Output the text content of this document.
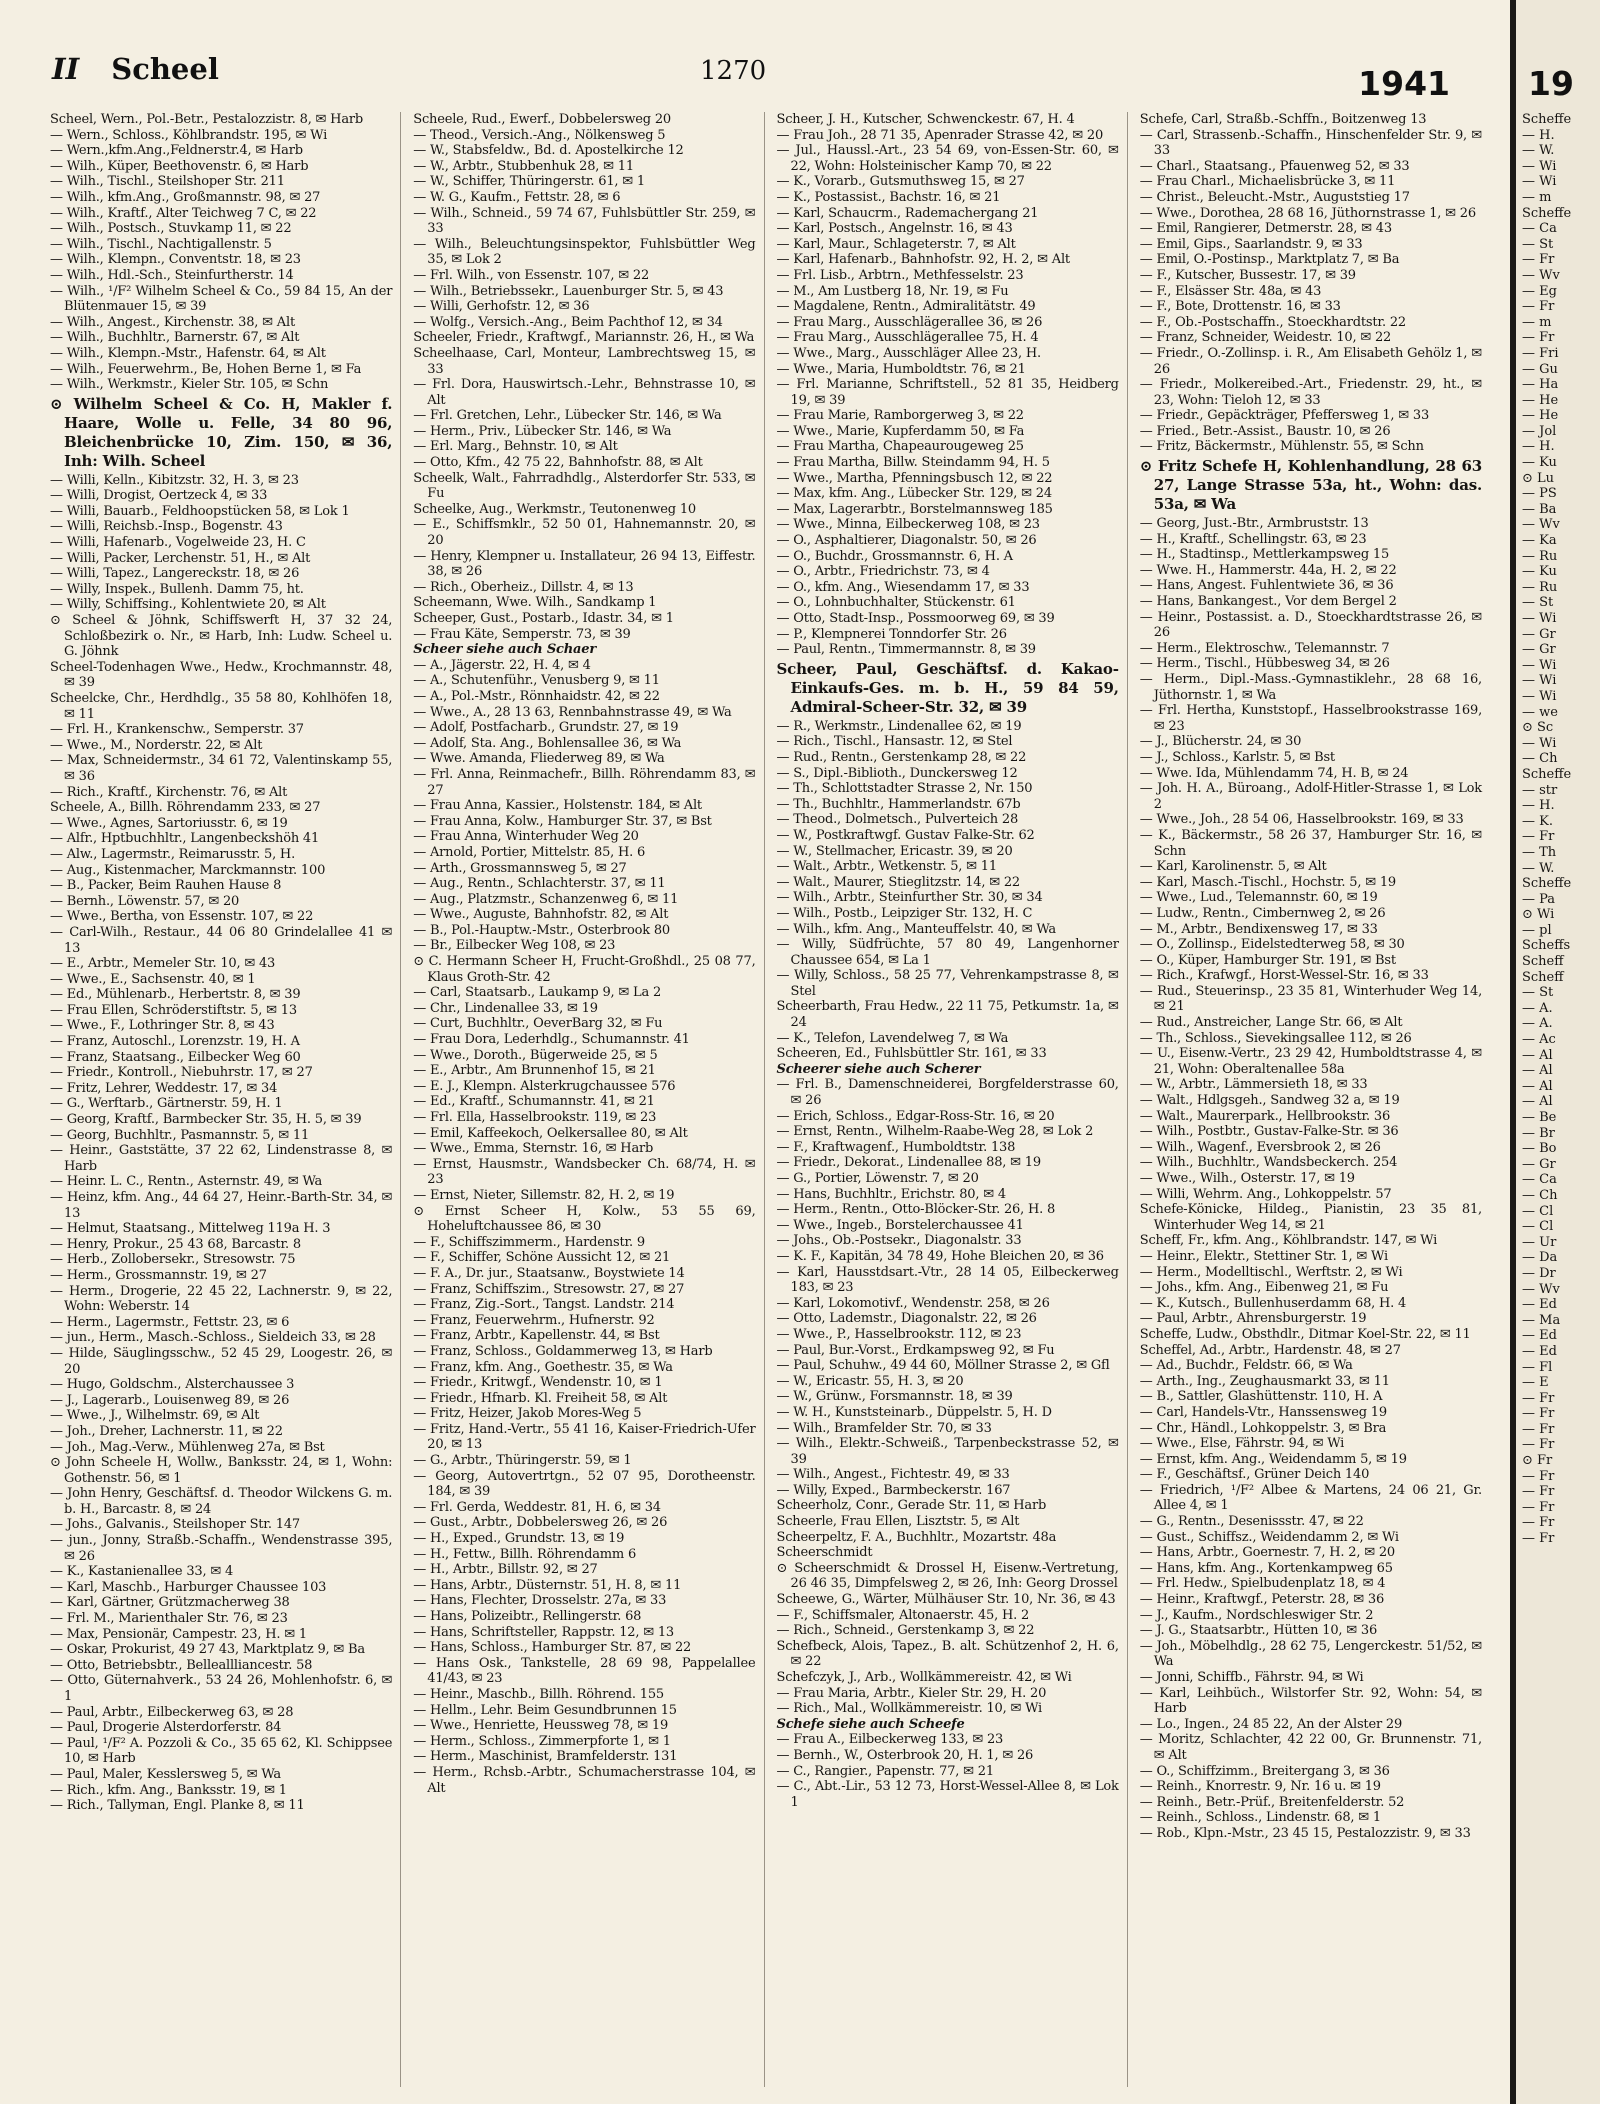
II Scheel	1270	1941

Scheel, Wern., Pol.-Betr., Pestalozzistr. 8, ✉ Harb

— Wern., Schloss., Köhlbrandstr. 195, ✉ Wi

— Wern.,kfm.Ang.,Feldnerstr.4, ✉ Harb

— Wilh., Küper, Beethovenstr. 6, ✉ Harb

— Wilh., Tischl., Steilshoper Str. 211

— Wilh., kfm.Ang., Großmannstr. 98, ✉ 27

— Wilh., Kraftf., Alter Teichweg 7 C, ✉ 22

— Wilh., Postsch., Stuvkamp 11, ✉ 22

— Wilh., Tischl., Nachtigallenstr. 5

— Wilh., Klempn., Conventstr. 18, ✉ 23

— Wilh., Hdl.-Sch., Steinfurtherstr. 14

— Wilh., ¹/F² Wilhelm Scheel & Co., 59 84 15, An der Blütenmauer 15, ✉ 39

— Wilh., Angest., Kirchenstr. 38, ✉ Alt

— Wilh., Buchhltr., Barnerstr. 67, ✉ Alt

— Wilh., Klempn.-Mstr., Hafenstr. 64, ✉ Alt

— Wilh., Feuerwehrm., Be, Hohen Berne 1, ✉ Fa

— Wilh., Werkmstr., Kieler Str. 105, ✉ Schn

⊙ Wilhelm Scheel & Co. H, Makler f. Haare, Wolle u. Felle, 34 80 96, Bleichenbrücke 10, Zim. 150, ✉ 36, Inh: Wilh. Scheel

— Willi, Kelln., Kibitzstr. 32, H. 3, ✉ 23

— Willi, Drogist, Oertzeck 4, ✉ 33

— Willi, Bauarb., Feldhoopstücken 58, ✉ Lok 1

— Willi, Reichsb.-Insp., Bogenstr. 43

— Willi, Hafenarb., Vogelweide 23, H. C

— Willi, Packer, Lerchenstr. 51, H., ✉ Alt

— Willi, Tapez., Langereckstr. 18, ✉ 26

— Willy, Inspek., Bullenh. Damm 75, ht.

— Willy, Schiffsing., Kohlentwiete 20, ✉ Alt

⊙ Scheel & Jöhnk, Schiffswerft H, 37 32 24, Schloßbezirk o. Nr., ✉ Harb, Inh: Ludw. Scheel u. G. Jöhnk

Scheel-Todenhagen Wwe., Hedw., Krochmannstr. 48, ✉ 39

Scheelcke, Chr., Herdhdlg., 35 58 80, Kohlhöfen 18, ✉ 11

— Frl. H., Krankenschw., Semperstr. 37

— Wwe., M., Norderstr. 22, ✉ Alt

— Max, Schneidermstr., 34 61 72, Valentinskamp 55, ✉ 36

— Rich., Kraftf., Kirchenstr. 76, ✉ Alt

Scheele, A., Billh. Röhrendamm 233, ✉ 27

— Wwe., Agnes, Sartoriusstr. 6, ✉ 19

— Alfr., Hptbuchhltr., Langenbeckshöh 41

— Alw., Lagermstr., Reimarusstr. 5, H.

— Aug., Kistenmacher, Marckmannstr. 100

— B., Packer, Beim Rauhen Hause 8

— Bernh., Löwenstr. 57, ✉ 20

— Wwe., Bertha, von Essenstr. 107, ✉ 22

— Carl-Wilh., Restaur., 44 06 80 Grindelallee 41 ✉ 13

— E., Arbtr., Memeler Str. 10, ✉ 43

— Wwe., E., Sachsenstr. 40, ✉ 1

— Ed., Mühlenarb., Herbertstr. 8, ✉ 39

— Frau Ellen, Schröderstiftstr. 5, ✉ 13

— Wwe., F., Lothringer Str. 8, ✉ 43

— Franz, Autoschl., Lorenzstr. 19, H. A

— Franz, Staatsang., Eilbecker Weg 60

— Friedr., Kontroll., Niebuhrstr. 17, ✉ 27

— Fritz, Lehrer, Weddestr. 17, ✉ 34

— G., Werftarb., Gärtnerstr. 59, H. 1

— Georg, Kraftf., Barmbecker Str. 35, H. 5, ✉ 39

— Georg, Buchhltr., Pasmannstr. 5, ✉ 11

— Heinr., Gaststätte, 37 22 62, Lindenstrasse 8, ✉ Harb

— Heinr. L. C., Rentn., Asternstr. 49, ✉ Wa

— Heinz, kfm. Ang., 44 64 27, Heinr.-Barth-Str. 34, ✉ 13

— Helmut, Staatsang., Mittelweg 119a H. 3

— Henry, Prokur., 25 43 68, Barcastr. 8

— Herb., Zollobersekr., Stresowstr. 75

— Herm., Grossmannstr. 19, ✉ 27

— Herm., Drogerie, 22 45 22, Lachnerstr. 9, ✉ 22, Wohn: Weberstr. 14

— Herm., Lagermstr., Fettstr. 23, ✉ 6

— jun., Herm., Masch.-Schloss., Sieldeich 33, ✉ 28

— Hilde, Säuglingsschw., 52 45 29, Loogestr. 26, ✉ 20

— Hugo, Goldschm., Alsterchaussee 3

— J., Lagerarb., Louisenweg 89, ✉ 26

— Wwe., J., Wilhelmstr. 69, ✉ Alt

— Joh., Dreher, Lachnerstr. 11, ✉ 22

— Joh., Mag.-Verw., Mühlenweg 27a, ✉ Bst

⊙ John Scheele H, Wollw., Banksstr. 24, ✉ 1, Wohn: Gothenstr. 56, ✉ 1

— John Henry, Geschäftsf. d. Theodor Wilckens G. m. b. H., Barcastr. 8, ✉ 24

— Johs., Galvanis., Steilshoper Str. 147

— jun., Jonny, Straßb.-Schaffn., Wendenstrasse 395, ✉ 26

— K., Kastanienallee 33, ✉ 4

— Karl, Maschb., Harburger Chaussee 103

— Karl, Gärtner, Grützmacherweg 38

— Frl. M., Marienthaler Str. 76, ✉ 23

— Max, Pensionär, Campestr. 23, H. ✉ 1

— Oskar, Prokurist, 49 27 43, Marktplatz 9, ✉ Ba

— Otto, Betriebsbtr., Belleallliancestr. 58

— Otto, Güternahverk., 53 24 26, Mohlenhofstr. 6, ✉ 1

— Paul, Arbtr., Eilbeckerweg 63, ✉ 28

— Paul, Drogerie Alsterdorferstr. 84

— Paul, ¹/F² A. Pozzoli & Co., 35 65 62, Kl. Schippsee 10, ✉ Harb

— Paul, Maler, Kesslersweg 5, ✉ Wa

— Rich., kfm. Ang., Banksstr. 19, ✉ 1

— Rich., Tallyman, Engl. Planke 8, ✉ 11

Scheele, Rud., Ewerf., Dobbelersweg 20

— Theod., Versich.-Ang., Nölkensweg 5

— W., Stabsfeldw., Bd. d. Apostelkirche 12

— W., Arbtr., Stubbenhuk 28, ✉ 11

— W., Schiffer, Thüringerstr. 61, ✉ 1

— W. G., Kaufm., Fettstr. 28, ✉ 6

— Wilh., Schneid., 59 74 67, Fuhlsbüttler Str. 259, ✉ 33

— Wilh., Beleuchtungsinspektor, Fuhlsbüttler Weg 35, ✉ Lok 2

— Frl. Wilh., von Essenstr. 107, ✉ 22

— Wilh., Betriebssekr., Lauenburger Str. 5, ✉ 43

— Willi, Gerhofstr. 12, ✉ 36

— Wolfg., Versich.-Ang., Beim Pachthof 12, ✉ 34

Scheeler, Friedr., Kraftwgf., Mariannstr. 26, H., ✉ Wa

Scheelhaase, Carl, Monteur, Lambrechtsweg 15, ✉ 33

— Frl. Dora, Hauswirtsch.-Lehr., Behnstrasse 10, ✉ Alt

— Frl. Gretchen, Lehr., Lübecker Str. 146, ✉ Wa

— Herm., Priv., Lübecker Str. 146, ✉ Wa

— Erl. Marg., Behnstr. 10, ✉ Alt

— Otto, Kfm., 42 75 22, Bahnhofstr. 88, ✉ Alt

Scheelk, Walt., Fahrradhdlg., Alsterdorfer Str. 533, ✉ Fu

Scheelke, Aug., Werkmstr., Teutonenweg 10

— E., Schiffsmklr., 52 50 01, Hahnemannstr. 20, ✉ 20

— Henry, Klempner u. Installateur, 26 94 13, Eiffestr. 38, ✉ 26

— Rich., Oberheiz., Dillstr. 4, ✉ 13

Scheemann, Wwe. Wilh., Sandkamp 1

Scheeper, Gust., Postarb., Idastr. 34, ✉ 1

— Frau Käte, Semperstr. 73, ✉ 39

Scheer siehe auch Schaer

— A., Jägerstr. 22, H. 4, ✉ 4

— A., Schutenführ., Venusberg 9, ✉ 11

— A., Pol.-Mstr., Rönnhaidstr. 42, ✉ 22

— Wwe., A., 28 13 63, Rennbahnstrasse 49, ✉ Wa

— Adolf, Postfacharb., Grundstr. 27, ✉ 19

— Adolf, Sta. Ang., Bohlensallee 36, ✉ Wa

— Wwe. Amanda, Fliederweg 89, ✉ Wa

— Frl. Anna, Reinmachefr., Billh. Röhrendamm 83, ✉ 27

— Frau Anna, Kassier., Holstenstr. 184, ✉ Alt

— Frau Anna, Kolw., Hamburger Str. 37, ✉ Bst

— Frau Anna, Winterhuder Weg 20

— Arnold, Portier, Mittelstr. 85, H. 6

— Arth., Grossmannsweg 5, ✉ 27

— Aug., Rentn., Schlachterstr. 37, ✉ 11

— Aug., Platzmstr., Schanzenweg 6, ✉ 11

— Wwe., Auguste, Bahnhofstr. 82, ✉ Alt

— B., Pol.-Hauptw.-Mstr., Osterbrook 80

— Br., Eilbecker Weg 108, ✉ 23

⊙ C. Hermann Scheer H, Frucht-Großhdl., 25 08 77, Klaus Groth-Str. 42

— Carl, Staatsarb., Laukamp 9, ✉ La 2

— Chr., Lindenallee 33, ✉ 19

— Curt, Buchhltr., OeverBarg 32, ✉ Fu

— Frau Dora, Lederhdlg., Schumannstr. 41

— Wwe., Doroth., Bügerweide 25, ✉ 5

— E., Arbtr., Am Brunnenhof 15, ✉ 21

— E. J., Klempn. Alsterkrugchaussee 576

— Ed., Kraftf., Schumannstr. 41, ✉ 21

— Frl. Ella, Hasselbrookstr. 119, ✉ 23

— Emil, Kaffeekoch, Oelkersallee 80, ✉ Alt

— Wwe., Emma, Sternstr. 16, ✉ Harb

— Ernst, Hausmstr., Wandsbecker Ch. 68/74, H. ✉ 23

— Ernst, Nieter, Sillemstr. 82, H. 2, ✉ 19

⊙ Ernst Scheer H, Kolw., 53 55 69, Hoheluftchaussee 86, ✉ 30

— F., Schiffszimmerm., Hardenstr. 9

— F., Schiffer, Schöne Aussicht 12, ✉ 21

— F. A., Dr. jur., Staatsanw., Boystwiete 14

— Franz, Schiffszim., Stresowstr. 27, ✉ 27

— Franz, Zig.-Sort., Tangst. Landstr. 214

— Franz, Feuerwehrm., Hufnerstr. 92

— Franz, Arbtr., Kapellenstr. 44, ✉ Bst

— Franz, Schloss., Goldammerweg 13, ✉ Harb

— Franz, kfm. Ang., Goethestr. 35, ✉ Wa

— Friedr., Kritwgf., Wendenstr. 10, ✉ 1

— Friedr., Hfnarb. Kl. Freiheit 58, ✉ Alt

— Fritz, Heizer, Jakob Mores-Weg 5

— Fritz, Hand.-Vertr., 55 41 16, Kaiser-Friedrich-Ufer 20, ✉ 13

— G., Arbtr., Thüringerstr. 59, ✉ 1

— Georg, Autovertrtgn., 52 07 95, Dorotheenstr. 184, ✉ 39

— Frl. Gerda, Weddestr. 81, H. 6, ✉ 34

— Gust., Arbtr., Dobbelersweg 26, ✉ 26

— H., Exped., Grundstr. 13, ✉ 19

— H., Fettw., Billh. Röhrendamm 6

— H., Arbtr., Billstr. 92, ✉ 27

— Hans, Arbtr., Düsternstr. 51, H. 8, ✉ 11

— Hans, Flechter, Drosselstr. 27a, ✉ 33

— Hans, Polizeibtr., Rellingerstr. 68

— Hans, Schriftsteller, Rappstr. 12, ✉ 13

— Hans, Schloss., Hamburger Str. 87, ✉ 22

— Hans Osk., Tankstelle, 28 69 98, Pappelallee 41/43, ✉ 23

— Heinr., Maschb., Billh. Röhrend. 155

— Hellm., Lehr. Beim Gesundbrunnen 15

— Wwe., Henriette, Heussweg 78, ✉ 19

— Herm., Schloss., Zimmerpforte 1, ✉ 1

— Herm., Maschinist, Bramfelderstr. 131

— Herm., Rchsb.-Arbtr., Schumacherstrasse 104, ✉ Alt

Scheer, J. H., Kutscher, Schwenckestr. 67, H. 4

— Frau Joh., 28 71 35, Apenrader Strasse 42, ✉ 20

— Jul., Haussl.-Art., 23 54 69, von-Essen-Str. 60, ✉ 22, Wohn: Holsteinischer Kamp 70, ✉ 22

— K., Vorarb., Gutsmuthsweg 15, ✉ 27

— K., Postassist., Bachstr. 16, ✉ 21

— Karl, Schaucrm., Rademachergang 21

— Karl, Postsch., Angelnstr. 16, ✉ 43

— Karl, Maur., Schlageterstr. 7, ✉ Alt

— Karl, Hafenarb., Bahnhofstr. 92, H. 2, ✉ Alt

— Frl. Lisb., Arbtrn., Methfesselstr. 23

— M., Am Lustberg 18, Nr. 19, ✉ Fu

— Magdalene, Rentn., Admiralitätstr. 49

— Frau Marg., Ausschlägerallee 36, ✉ 26

— Frau Marg., Ausschlägerallee 75, H. 4

— Wwe., Marg., Ausschläger Allee 23, H.

— Wwe., Maria, Humboldtstr. 76, ✉ 21

— Frl. Marianne, Schriftstell., 52 81 35, Heidberg 19, ✉ 39

— Frau Marie, Ramborgerweg 3, ✉ 22

— Wwe., Marie, Kupferdamm 50, ✉ Fa

— Frau Martha, Chapeaurougeweg 25

— Frau Martha, Billw. Steindamm 94, H. 5

— Wwe., Martha, Pfenningsbusch 12, ✉ 22

— Max, kfm. Ang., Lübecker Str. 129, ✉ 24

— Max, Lagerarbtr., Borstelmannsweg 185

— Wwe., Minna, Eilbeckerweg 108, ✉ 23

— O., Asphaltierer, Diagonalstr. 50, ✉ 26

— O., Buchdr., Grossmannstr. 6, H. A

— O., Arbtr., Friedrichstr. 73, ✉ 4

— O., kfm. Ang., Wiesendamm 17, ✉ 33

— O., Lohnbuchhalter, Stückenstr. 61

— Otto, Stadt-Insp., Possmoorweg 69, ✉ 39

— P., Klempnerei Tonndorfer Str. 26

— Paul, Rentn., Timmermannstr. 8, ✉ 39

Scheer, Paul, Geschäftsf. d. Kakao-Einkaufs-Ges. m. b. H., 59 84 59, Admiral-Scheer-Str. 32, ✉ 39

— R., Werkmstr., Lindenallee 62, ✉ 19

— Rich., Tischl., Hansastr. 12, ✉ Stel

— Rud., Rentn., Gerstenkamp 28, ✉ 22

— S., Dipl.-Biblioth., Dunckersweg 12

— Th., Schlottstadter Strasse 2, Nr. 150

— Th., Buchhltr., Hammerlandstr. 67b

— Theod., Dolmetsch., Pulverteich 28

— W., Postkraftwgf. Gustav Falke-Str. 62

— W., Stellmacher, Ericastr. 39, ✉ 20

— Walt., Arbtr., Wetkenstr. 5, ✉ 11

— Walt., Maurer, Stieglitzstr. 14, ✉ 22

— Wilh., Arbtr., Steinfurther Str. 30, ✉ 34

— Wilh., Postb., Leipziger Str. 132, H. C

— Wilh., kfm. Ang., Manteuffelstr. 40, ✉ Wa

— Willy, Südfrüchte, 57 80 49, Langenhorner Chaussee 654, ✉ La 1

— Willy, Schloss., 58 25 77, Vehrenkampstrasse 8, ✉ Stel

Scheerbarth, Frau Hedw., 22 11 75, Petkumstr. 1a, ✉ 24

— K., Telefon, Lavendelweg 7, ✉ Wa

Scheeren, Ed., Fuhlsbüttler Str. 161, ✉ 33

Scheerer siehe auch Scherer

— Frl. B., Damenschneiderei, Borgfelderstrasse 60, ✉ 26

— Erich, Schloss., Edgar-Ross-Str. 16, ✉ 20

— Ernst, Rentn., Wilhelm-Raabe-Weg 28, ✉ Lok 2

— F., Kraftwagenf., Humboldtstr. 138

— Friedr., Dekorat., Lindenallee 88, ✉ 19

— G., Portier, Löwenstr. 7, ✉ 20

— Hans, Buchhltr., Erichstr. 80, ✉ 4

— Herm., Rentn., Otto-Blöcker-Str. 26, H. 8

— Wwe., Ingeb., Borstelerchaussee 41

— Johs., Ob.-Postsekr., Diagonalstr. 33

— K. F., Kapitän, 34 78 49, Hohe Bleichen 20, ✉ 36

— Karl, Hausstdsart.-Vtr., 28 14 05, Eilbeckerweg 183, ✉ 23

— Karl, Lokomotivf., Wendenstr. 258, ✉ 26

— Otto, Lademstr., Diagonalstr. 22, ✉ 26

— Wwe., P., Hasselbrookstr. 112, ✉ 23

— Paul, Bur.-Vorst., Erdkampsweg 92, ✉ Fu

— Paul, Schuhw., 49 44 60, Möllner Strasse 2, ✉ Gfl

— W., Ericastr. 55, H. 3, ✉ 20

— W., Grünw., Forsmannstr. 18, ✉ 39

— W. H., Kunststeinarb., Düppelstr. 5, H. D

— Wilh., Bramfelder Str. 70, ✉ 33

— Wilh., Elektr.-Schweiß., Tarpenbeckstrasse 52, ✉ 39

— Wilh., Angest., Fichtestr. 49, ✉ 33

— Willy, Exped., Barmbeckerstr. 167

Scheerholz, Conr., Gerade Str. 11, ✉ Harb

Scheerle, Frau Ellen, Lisztstr. 5, ✉ Alt

Scheerpeltz, F. A., Buchhltr., Mozartstr. 48a

Scheerschmidt

⊙ Scheerschmidt & Drossel H, Eisenw.-Vertretung, 26 46 35, Dimpfelsweg 2, ✉ 26, Inh: Georg Drossel

Scheewe, G., Wärter, Mülhäuser Str. 10, Nr. 36, ✉ 43

— F., Schiffsmaler, Altonaerstr. 45, H. 2

— Rich., Schneid., Gerstenkamp 3, ✉ 22

Schefbeck, Alois, Tapez., B. alt. Schützenhof 2, H. 6, ✉ 22

Schefczyk, J., Arb., Wollkämmereistr. 42, ✉ Wi

— Frau Maria, Arbtr., Kieler Str. 29, H. 20

— Rich., Mal., Wollkämmereistr. 10, ✉ Wi

Schefe siehe auch Scheefe

— Frau A., Eilbeckerweg 133, ✉ 23

— Bernh., W., Osterbrook 20, H. 1, ✉ 26

— C., Rangier., Papenstr. 77, ✉ 21

— C., Abt.-Lir., 53 12 73, Horst-Wessel-Allee 8, ✉ Lok 1

Schefe, Carl, Straßb.-Schffn., Boitzenweg 13

— Carl, Strassenb.-Schaffn., Hinschenfelder Str. 9, ✉ 33

— Charl., Staatsang., Pfauenweg 52, ✉ 33

— Frau Charl., Michaelisbrücke 3, ✉ 11

— Christ., Beleucht.-Mstr., Auguststieg 17

— Wwe., Dorothea, 28 68 16, Jüthornstrasse 1, ✉ 26

— Emil, Rangierer, Detmerstr. 28, ✉ 43

— Emil, Gips., Saarlandstr. 9, ✉ 33

— Emil, O.-Postinsp., Marktplatz 7, ✉ Ba

— F., Kutscher, Bussestr. 17, ✉ 39

— F., Elsässer Str. 48a, ✉ 43

— F., Bote, Drottenstr. 16, ✉ 33

— F., Ob.-Postschaffn., Stoeckhardtstr. 22

— Franz, Schneider, Weidestr. 10, ✉ 22

— Friedr., O.-Zollinsp. i. R., Am Elisabeth Gehölz 1, ✉ 26

— Friedr., Molkereibed.-Art., Friedenstr. 29, ht., ✉ 23, Wohn: Tieloh 12, ✉ 33

— Friedr., Gepäckträger, Pfeffersweg 1, ✉ 33

— Fried., Betr.-Assist., Baustr. 10, ✉ 26

— Fritz, Bäckermstr., Mühlenstr. 55, ✉ Schn

⊙ Fritz Schefe H, Kohlenhandlung, 28 63 27, Lange Strasse 53a, ht., Wohn: das. 53a, ✉ Wa

— Georg, Just.-Btr., Armbruststr. 13

— H., Kraftf., Schellingstr. 63, ✉ 23

— H., Stadtinsp., Mettlerkampsweg 15

— Wwe. H., Hammerstr. 44a, H. 2, ✉ 22

— Hans, Angest. Fuhlentwiete 36, ✉ 36

— Hans, Bankangest., Vor dem Bergel 2

— Heinr., Postassist. a. D., Stoeckhardtstrasse 26, ✉ 26

— Herm., Elektroschw., Telemannstr. 7

— Herm., Tischl., Hübbesweg 34, ✉ 26

— Herm., Dipl.-Mass.-Gymnastiklehr., 28 68 16, Jüthornstr. 1, ✉ Wa

— Frl. Hertha, Kunststopf., Hasselbrookstrasse 169, ✉ 23

— J., Blücherstr. 24, ✉ 30

— J., Schloss., Karlstr. 5, ✉ Bst

— Wwe. Ida, Mühlendamm 74, H. B, ✉ 24

— Joh. H. A., Büroang., Adolf-Hitler-Strasse 1, ✉ Lok 2

— Wwe., Joh., 28 54 06, Hasselbrookstr. 169, ✉ 33

— K., Bäckermstr., 58 26 37, Hamburger Str. 16, ✉ Schn

— Karl, Karolinenstr. 5, ✉ Alt

— Karl, Masch.-Tischl., Hochstr. 5, ✉ 19

— Wwe., Lud., Telemannstr. 60, ✉ 19

— Ludw., Rentn., Cimbernweg 2, ✉ 26

— M., Arbtr., Bendixensweg 17, ✉ 33

— O., Zollinsp., Eidelstedterweg 58, ✉ 30

— O., Küper, Hamburger Str. 191, ✉ Bst

— Rich., Krafwgf., Horst-Wessel-Str. 16, ✉ 33

— Rud., Steuerinsp., 23 35 81, Winterhuder Weg 14, ✉ 21

— Rud., Anstreicher, Lange Str. 66, ✉ Alt

— Th., Schloss., Sievekingsallee 112, ✉ 26

— U., Eisenw.-Vertr., 23 29 42, Humboldtstrasse 4, ✉ 21, Wohn: Oberaltenallee 58a

— W., Arbtr., Lämmersieth 18, ✉ 33

— Walt., Hdlgsgeh., Sandweg 32 a, ✉ 19

— Walt., Maurerpark., Hellbrookstr. 36

— Wilh., Postbtr., Gustav-Falke-Str. ✉ 36

— Wilh., Wagenf., Eversbrook 2, ✉ 26

— Wilh., Buchhltr., Wandsbeckerch. 254

— Wwe., Wilh., Osterstr. 17, ✉ 19

— Willi, Wehrm. Ang., Lohkoppelstr. 57

Schefe-Könicke, Hildeg., Pianistin, 23 35 81, Winterhuder Weg 14, ✉ 21

Scheff, Fr., kfm. Ang., Köhlbrandstr. 147, ✉ Wi

— Heinr., Elektr., Stettiner Str. 1, ✉ Wi

— Herm., Modelltischl., Werftstr. 2, ✉ Wi

— Johs., kfm. Ang., Eibenweg 21, ✉ Fu

— K., Kutsch., Bullenhuserdamm 68, H. 4

— Paul, Arbtr., Ahrensburgerstr. 19

Scheffe, Ludw., Obsthdlr., Ditmar Koel-Str. 22, ✉ 11

Scheffel, Ad., Arbtr., Hardenstr. 48, ✉ 27

— Ad., Buchdr., Feldstr. 66, ✉ Wa

— Arth., Ing., Zeughausmarkt 33, ✉ 11

— B., Sattler, Glashüttenstr. 110, H. A

— Carl, Handels-Vtr., Hanssensweg 19

— Chr., Händl., Lohkoppelstr. 3, ✉ Bra

— Wwe., Else, Fährstr. 94, ✉ Wi

— Ernst, kfm. Ang., Weidendamm 5, ✉ 19

— F., Geschäftsf., Grüner Deich 140

— Friedrich, ¹/F² Albee & Martens, 24 06 21, Gr. Allee 4, ✉ 1

— G., Rentn., Desenissstr. 47, ✉ 22

— Gust., Schiffsz., Weidendamm 2, ✉ Wi

— Hans, Arbtr., Goernestr. 7, H. 2, ✉ 20

— Hans, kfm. Ang., Kortenkampweg 65

— Frl. Hedw., Spielbudenplatz 18, ✉ 4

— Heinr., Kraftwgf., Peterstr. 28, ✉ 36

— J., Kaufm., Nordschleswiger Str. 2

— J. G., Staatsarbtr., Hütten 10, ✉ 36

— Joh., Möbelhdlg., 28 62 75, Lengerckestr. 51/52, ✉ Wa

— Jonni, Schiffb., Fährstr. 94, ✉ Wi

— Karl, Leihbüch., Wilstorfer Str. 92, Wohn: 54, ✉ Harb

— Lo., Ingen., 24 85 22, An der Alster 29

— Moritz, Schlachter, 42 22 00, Gr. Brunnenstr. 71, ✉ Alt

— O., Schiffzimm., Breitergang 3, ✉ 36

— Reinh., Knorrestr. 9, Nr. 16 u. ✉ 19

— Reinh., Betr.-Prüf., Breitenfelderstr. 52

— Reinh., Schloss., Lindenstr. 68, ✉ 1

— Rob., Klpn.-Mstr., 23 45 15, Pestalozzistr. 9, ✉ 33

19
Scheffe
— H.
— W.
— Wi
— Wi
— m
Scheffe
— Ca
— St
— Fr
— Wv
— Eg
— Fr
— m
— Fr
— Fri
— Gu
— Ha
— He
— He
— Jol
— H.
— Ku
⊙ Lu
— PS
— Ba
— Wv
— Ka
— Ru
— Ku
— Ru
— St
— Wi
— Gr
— Gr
— Wi
— Wi
— Wi
— we
⊙ Sc
— Wi
— Ch
Scheffe
— str
— H.
— K.
— Fr
— Th
— W.
Scheffe
— Pa
⊙ Wi
— pl
Scheffs
Scheff
Scheff
— St
— A.
— A.
— Ac
— Al
— Al
— Al
— Al
— Be
— Br
— Bo
— Gr
— Ca
— Ch
— Cl
— Cl
— Ur
— Da
— Dr
— Wv
— Ed
— Ma
— Ed
— Ed
— Fl
— E
— Fr
— Fr
— Fr
— Fr
⊙ Fr
— Fr
— Fr
— Fr
— Fr
— Fr
